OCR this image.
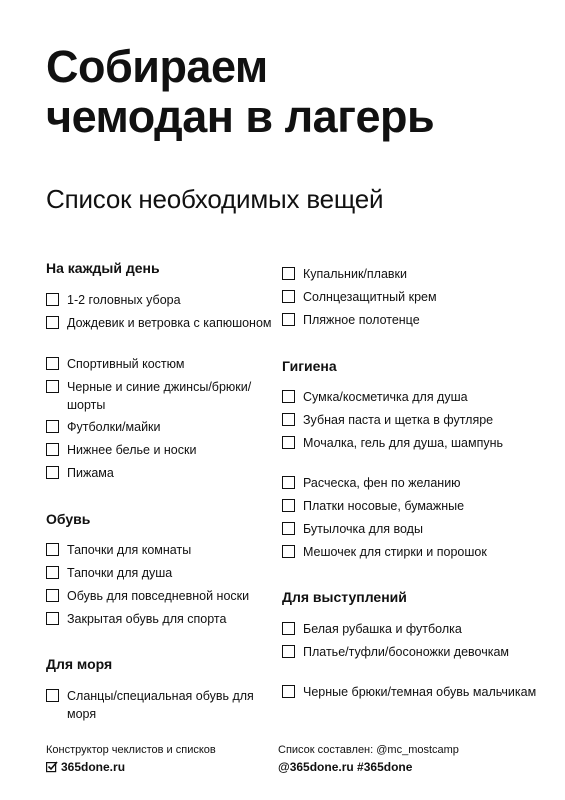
Собираем
чемодан в лагерь
Список необходимых вещей
На каждый день
1-2 головных убора
Дождевик и ветровка с капюшоном
Спортивный костюм
Черные и синие джинсы/брюки/ шорты
Футболки/майки
Нижнее белье и носки
Пижама
Обувь
Тапочки для комнаты
Тапочки для душа
Обувь для повседневной носки
Закрытая обувь для спорта
Для моря
Сланцы/специальная обувь для моря
Купальник/плавки
Солнцезащитный крем
Пляжное полотенце
Гигиена
Сумка/косметичка для душа
Зубная паста и щетка в футляре
Мочалка, гель для душа, шампунь
Расческа, фен по желанию
Платки носовые, бумажные
Бутылочка для воды
Мешочек для стирки и порошок
Для выступлений
Белая рубашка и футболка
Платье/туфли/босоножки девочкам
Черные брюки/темная обувь мальчикам
Конструктор чеклистов и списков
365done.ru
Список составлен: @mc_mostcamp
@365done.ru #365done
